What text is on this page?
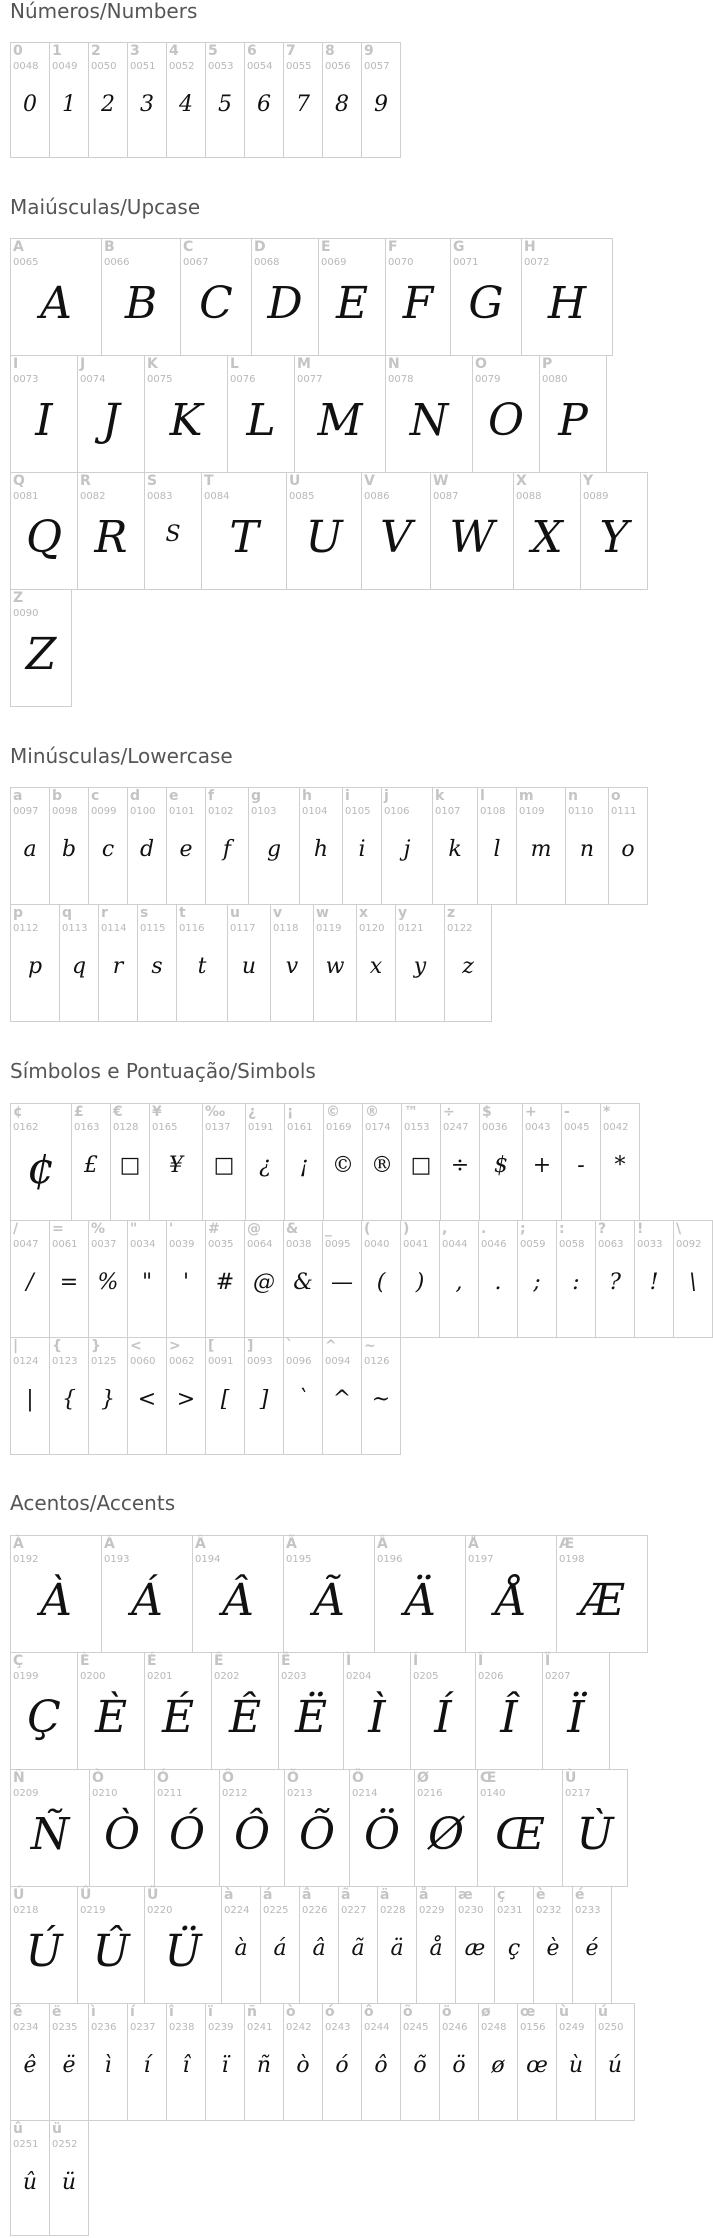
Números/Numbers
0
0048
0
1
0049
1
2
0050
2
3
0051
3
4
0052
4
5
0053
5
6
0054
6
7
0055
7
8
0056
8
9
0057
9
Maiúsculas/Upcase
A
0065
A
B
0066
B
C
0067
C
D
0068
D
E
0069
E
F
0070
F
G
0071
G
H
0072
H
I
0073
I
J
0074
J
K
0075
K
L
0076
L
M
0077
M
N
0078
N
O
0079
O
P
0080
P
Q
0081
Q
R
0082
R
S
0083
S
T
0084
T
U
0085
U
V
0086
V
W
0087
W
X
0088
X
Y
0089
Y
Z
0090
Z
Minúsculas/Lowercase
a
0097
a
b
0098
b
c
0099
c
d
0100
d
e
0101
e
f
0102
f
g
0103
g
h
0104
h
i
0105
i
j
0106
j
k
0107
k
l
0108
l
m
0109
m
n
0110
n
o
0111
o
p
0112
p
q
0113
q
r
0114
r
s
0115
s
t
0116
t
u
0117
u
v
0118
v
w
0119
w
x
0120
x
y
0121
y
z
0122
z
Símbolos e Pontuação/Simbols
¢
0162
¢
£
0163
£
€
0128
□
¥
0165
¥
‰
0137
□
¿
0191
¿
¡
0161
¡
©
0169
©
®
0174
®
™
0153
□
÷
0247
÷
$
0036
$
+
0043
+
-
0045
-
*
0042
*
/
0047
/
=
0061
=
%
0037
%
"
0034
"
'
0039
'
#
0035
#
@
0064
@
&
0038
&
_
0095
—
(
0040
(
)
0041
)
,
0044
,
.
0046
.
;
0059
;
:
0058
:
?
0063
?
!
0033
!
\
0092
\
|
0124
|
{
0123
{
}
0125
}
<
0060
<
>
0062
>
[
0091
[
]
0093
]
`
0096
`
^
0094
^
~
0126
~
Acentos/Accents
À
0192
À
Á
0193
Á
Â
0194
Â
Ã
0195
Ã
Ä
0196
Ä
Å
0197
Å
Æ
0198
Æ
Ç
0199
Ç
È
0200
È
É
0201
É
Ê
0202
Ê
Ë
0203
Ë
Ì
0204
Ì
Í
0205
Í
Î
0206
Î
Ï
0207
Ï
Ñ
0209
Ñ
Ò
0210
Ò
Ó
0211
Ó
Ô
0212
Ô
Õ
0213
Õ
Ö
0214
Ö
Ø
0216
Ø
Œ
0140
Œ
Ù
0217
Ù
Ú
0218
Ú
Û
0219
Û
Ü
0220
Ü
à
0224
à
á
0225
á
â
0226
â
ã
0227
ã
ä
0228
ä
å
0229
å
æ
0230
æ
ç
0231
ç
è
0232
è
é
0233
é
ê
0234
ê
ë
0235
ë
ì
0236
ì
í
0237
í
î
0238
î
ï
0239
ï
ñ
0241
ñ
ò
0242
ò
ó
0243
ó
ô
0244
ô
õ
0245
õ
ö
0246
ö
ø
0248
ø
œ
0156
œ
ù
0249
ù
ú
0250
ú
û
0251
û
ü
0252
ü
